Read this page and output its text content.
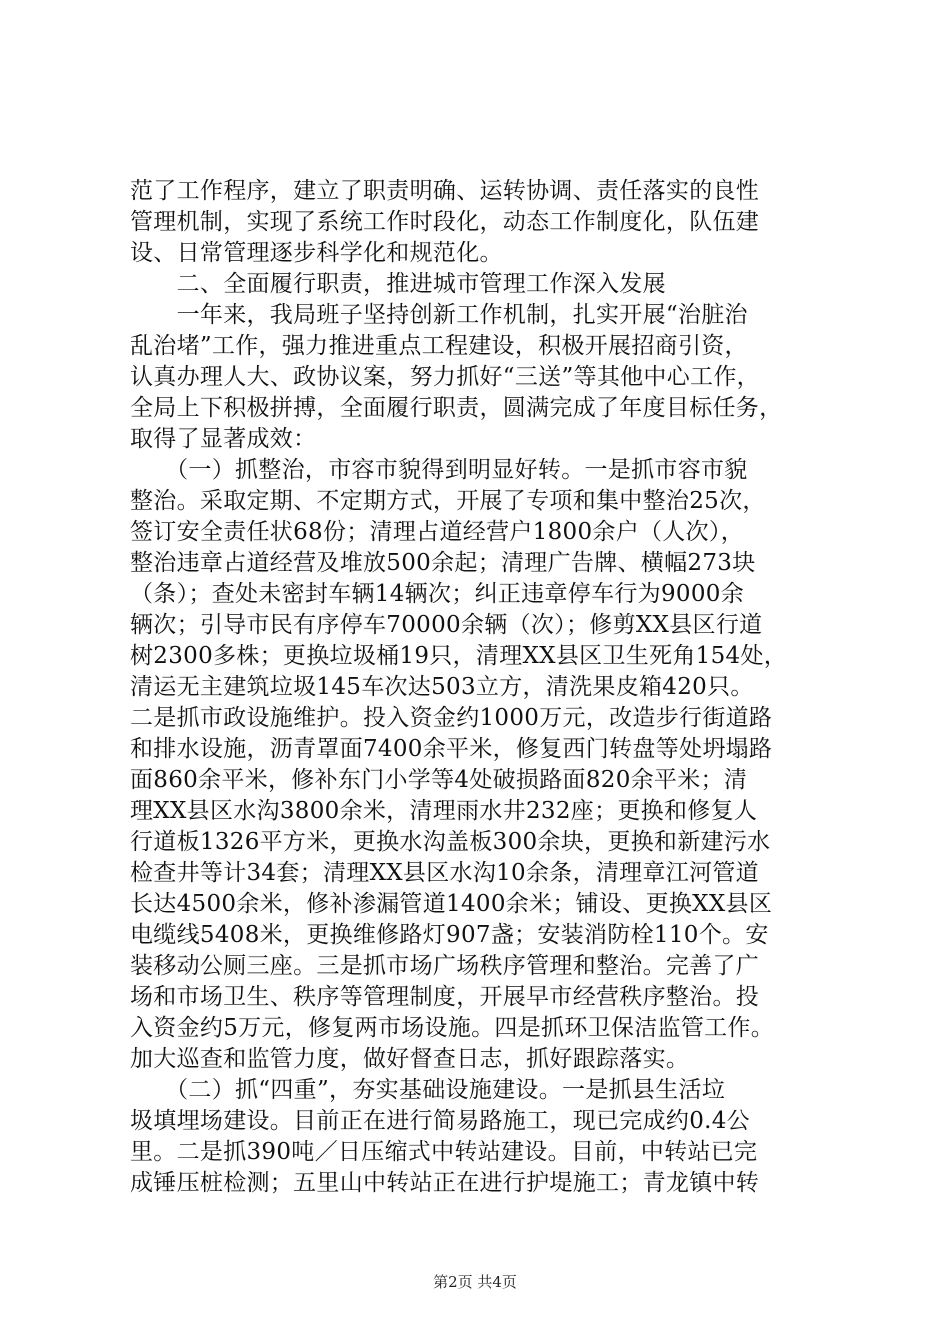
范了工作程序，建立了职责明确、运转协调、责任落实的良性
管理机制，实现了系统工作时段化，动态工作制度化，队伍建
设、日常管理逐步科学化和规范化。
　　二、全面履行职责，推进城市管理工作深入发展
　　一年来，我局班子坚持创新工作机制，扎实开展“治脏治
乱治堵”工作，强力推进重点工程建设，积极开展招商引资，
认真办理人大、政协议案，努力抓好“三送”等其他中心工作，
全局上下积极拼搏，全面履行职责，圆满完成了年度目标任务，
取得了显著成效：
　　（一）抓整治，市容市貌得到明显好转。一是抓市容市貌
整治。采取定期、不定期方式，开展了专项和集中整治25次，
签订安全责任状68份；清理占道经营户1800余户（人次），
整治违章占道经营及堆放500余起；清理广告牌、横幅273块
（条）；查处未密封车辆14辆次；纠正违章停车行为9000余
辆次；引导市民有序停车70000余辆（次）；修剪XX县区行道
树2300多株；更换垃圾桶19只，清理XX县区卫生死角154处，
清运无主建筑垃圾145车次达503立方，清洗果皮箱420只。
二是抓市政设施维护。投入资金约1000万元，改造步行街道路
和排水设施，沥青罩面7400余平米，修复西门转盘等处坍塌路
面860余平米，修补东门小学等4处破损路面820余平米；清
理XX县区水沟3800余米，清理雨水井232座；更换和修复人
行道板1326平方米，更换水沟盖板300余块，更换和新建污水
检查井等计34套；清理XX县区水沟10余条，清理章江河管道
长达4500余米，修补渗漏管道1400余米；铺设、更换XX县区
电缆线5408米，更换维修路灯907盏；安装消防栓110个。安
装移动公厕三座。三是抓市场广场秩序管理和整治。完善了广
场和市场卫生、秩序等管理制度，开展早市经营秩序整治。投
入资金约5万元，修复两市场设施。四是抓环卫保洁监管工作。
加大巡查和监管力度，做好督查日志，抓好跟踪落实。
　　（二）抓“四重”，夯实基础设施建设。一是抓县生活垃
圾填埋场建设。目前正在进行简易路施工，现已完成约0.4公
里。二是抓390吨／日压缩式中转站建设。目前，中转站已完
成锤压桩检测；五里山中转站正在进行护堤施工；青龙镇中转
第2页 共4页
